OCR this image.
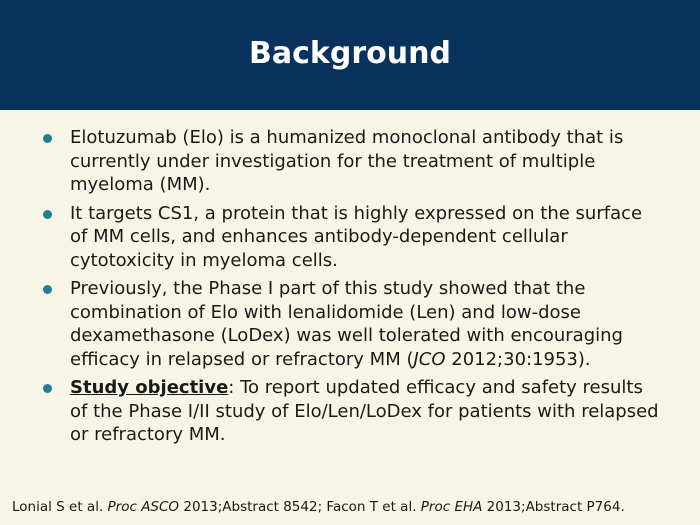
Background
Elotuzumab (Elo) is a humanized monoclonal antibody that is currently under investigation for the treatment of multiple myeloma (MM).
It targets CS1, a protein that is highly expressed on the surface of MM cells, and enhances antibody-dependent cellular cytotoxicity in myeloma cells.
Previously, the Phase I part of this study showed that the combination of Elo with lenalidomide (Len) and low-dose dexamethasone (LoDex) was well tolerated with encouraging efficacy in relapsed or refractory MM (JCO 2012;30:1953).
Study objective: To report updated efficacy and safety results of the Phase I/II study of Elo/Len/LoDex for patients with relapsed or refractory MM.
Lonial S et al. Proc ASCO 2013;Abstract 8542; Facon T et al. Proc EHA 2013;Abstract P764.
